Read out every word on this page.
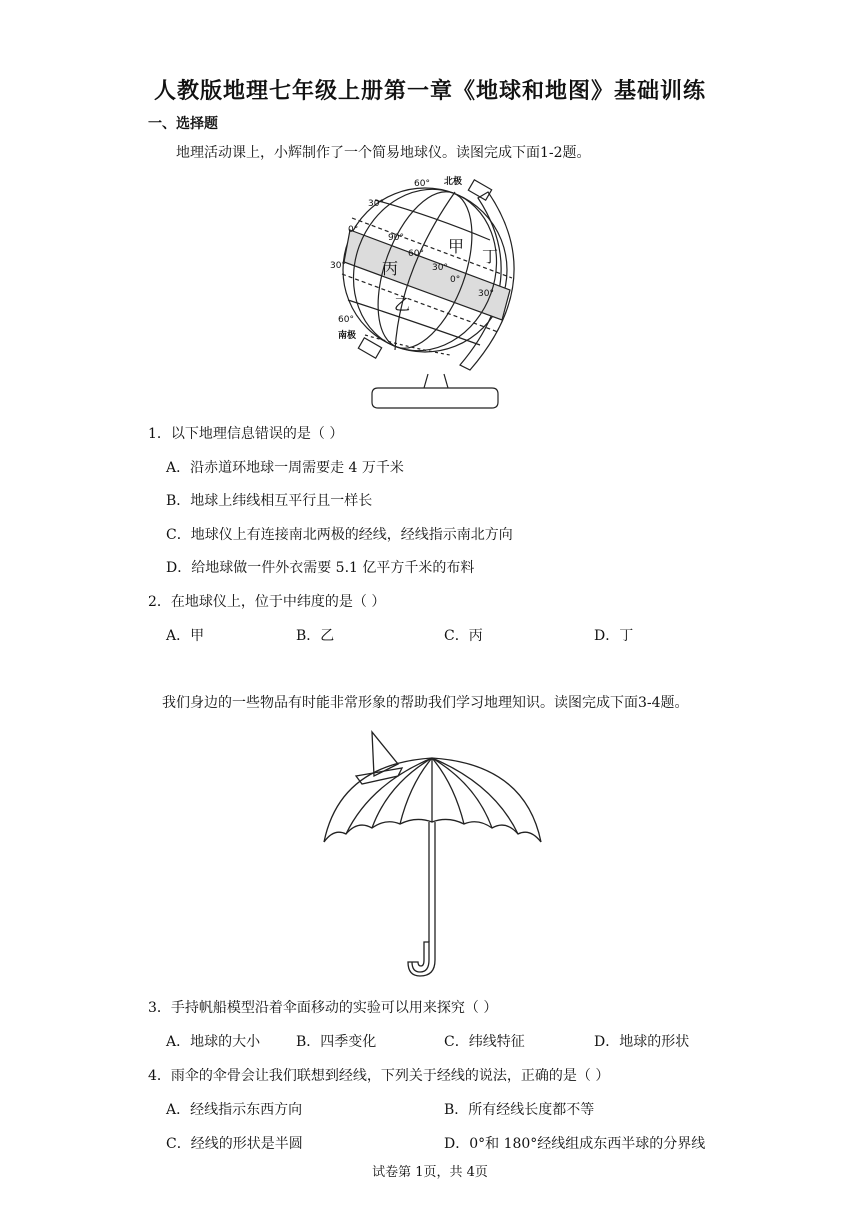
人教版地理七年级上册第一章《地球和地图》基础训练
一、选择题
地理活动课上，小辉制作了一个简易地球仪。读图完成下面1-2题。
60° 北极
30°
0°
30°
60°
南极
90°
60°
30°
0°
30°
甲
丁
丙
乙
1．以下地理信息错误的是（ ）
A．沿赤道环地球一周需要走 4 万千米
B．地球上纬线相互平行且一样长
C．地球仪上有连接南北两极的经线，经线指示南北方向
D．给地球做一件外衣需要 5.1 亿平方千米的布料
2．在地球仪上，位于中纬度的是（ ）
A．甲	B．乙	C．丙	D．丁
我们身边的一些物品有时能非常形象的帮助我们学习地理知识。读图完成下面3-4题。
3．手持帆船模型沿着伞面移动的实验可以用来探究（ ）
A．地球的大小	B．四季变化	C．纬线特征	D．地球的形状
4．雨伞的伞骨会让我们联想到经线，下列关于经线的说法，正确的是（ ）
A．经线指示东西方向	B．所有经线长度都不等
C．经线的形状是半圆	D．0°和 180°经线组成东西半球的分界线
试卷第 1页，共 4页
